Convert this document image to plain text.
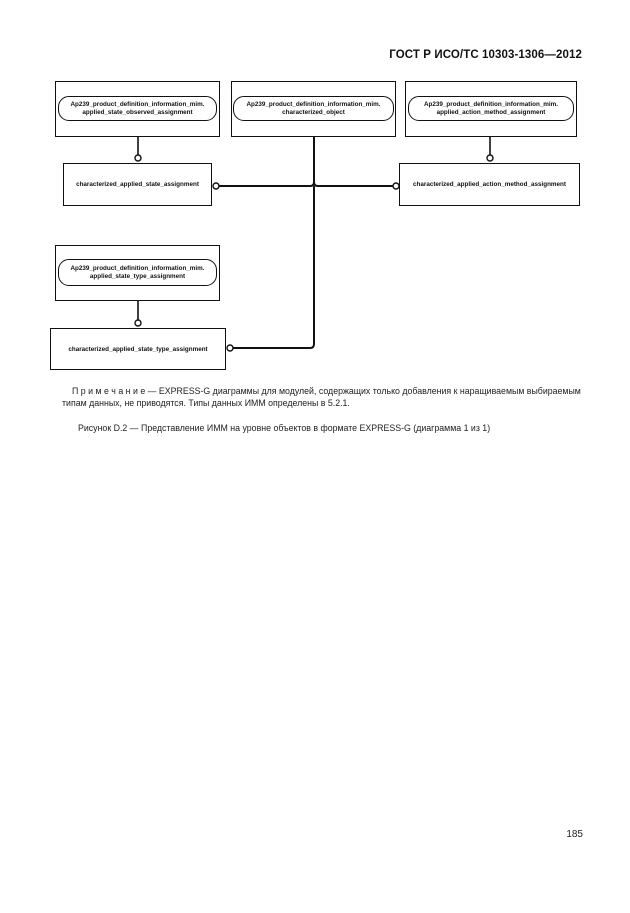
ГОСТ Р ИСО/ТС 10303-1306—2012
Ap239_product_definition_information_mim.
applied_state_observed_assignment
Ap239_product_definition_information_mim.
characterized_object
Ap239_product_definition_information_mim.
applied_action_method_assignment
Ap239_product_definition_information_mim.
applied_state_type_assignment
characterized_applied_state_assignment	characterized_applied_action_method_assignment
characterized_applied_state_type_assignment
П р и м е ч а н и е — EXPRESS-G диаграммы для модулей, содержащих только добавления к наращиваемым выбираемым типам данных, не приводятся. Типы данных ИММ определены в 5.2.1.
Рисунок D.2 — Представление ИММ на уровне объектов в формате EXPRESS-G (диаграмма 1 из 1)
185
